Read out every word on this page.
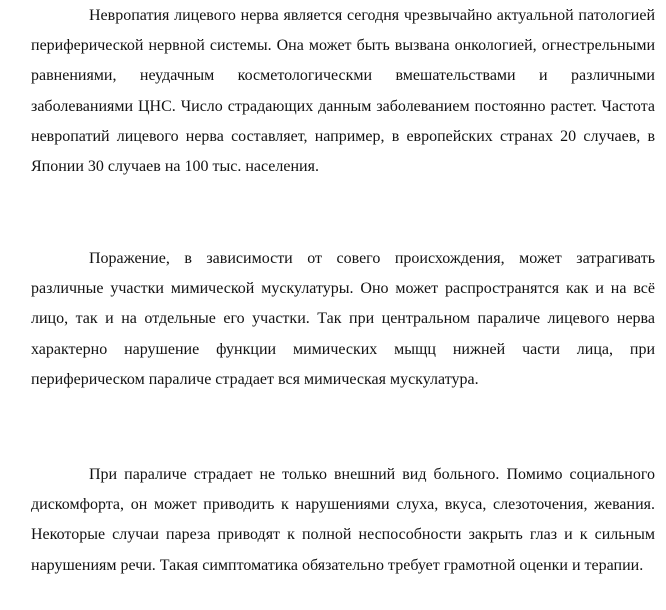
Невропатия лицевого нерва является сегодня чрезвычайно актуальной патологией периферической нервной системы. Она может быть вызвана онкологией, огнестрельными равнениями, неудачным косметологическми вмешательствами и различными заболеваниями ЦНС. Число страдающих данным заболеванием постоянно растет. Частота невропатий лицевого нерва составляет, например, в европейских странах 20 случаев, в Японии 30 случаев на 100 тыс. населения.

Поражение, в зависимости от совего происхождения, может затрагивать различные участки мимической мускулатуры. Оно может распространятся как и на всё лицо, так и на отдельные его участки. Так при центральном параличе лицевого нерва характерно нарушение функции мимических мыщц нижней части лица, при периферическом параличе страдает вся мимическая мускулатура.

При параличе страдает не только внешний вид больного. Помимо социального дискомфорта, он может приводить к нарушениями слуха, вкуса, слезоточения, жевания. Некоторые случаи пареза приводят к полной неспособности закрыть глаз и к сильным нарушениям речи. Такая симптоматика обязательно требует грамотной оценки и терапии.
